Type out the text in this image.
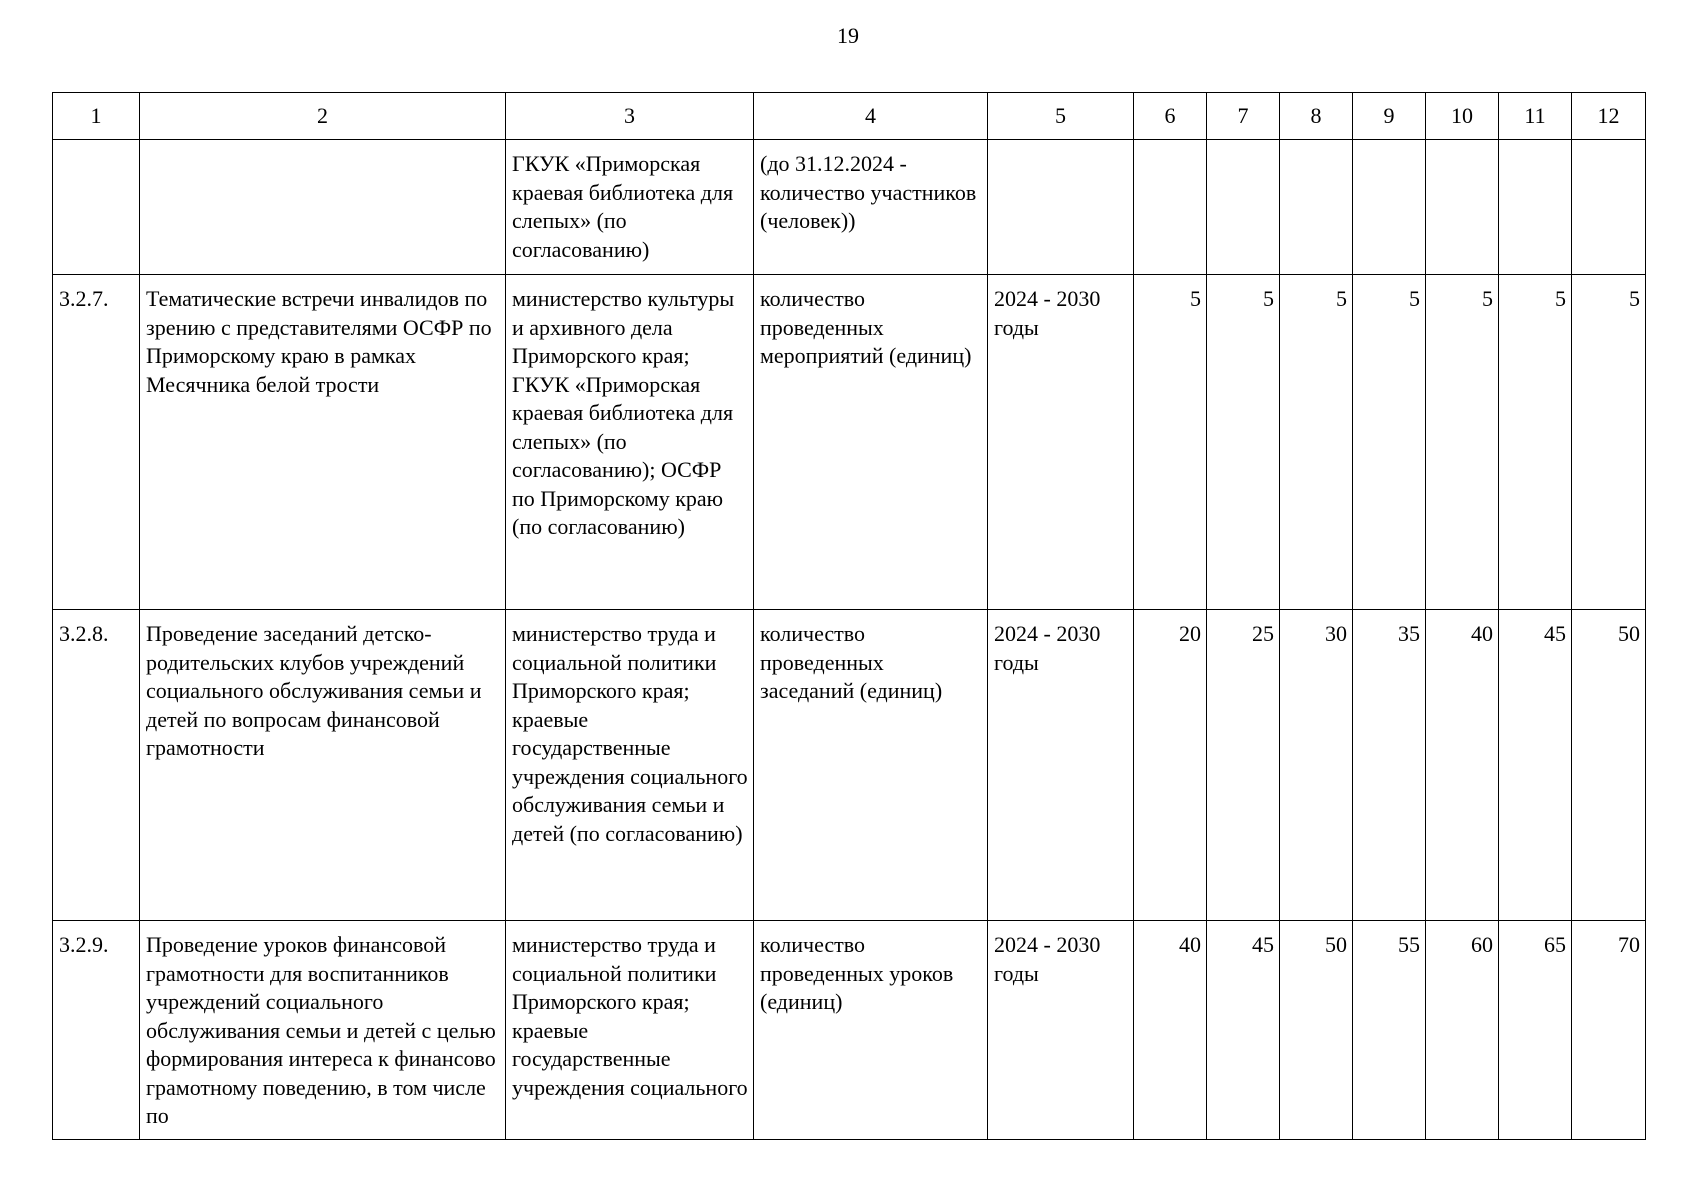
19
1	2	3	4	5	6	7	8	9	10	11	12
		ГКУК «Приморская краевая библиотека для слепых» (по согласованию)	(до 31.12.2024 - количество участников (человек))								
3.2.7.	Тематические встречи инвалидов по зрению с представителями ОСФР по Приморскому краю в рамках Месячника белой трости	министерство культуры и архивного дела Приморского края; ГКУК «Приморская краевая библиотека для слепых» (по согласованию); ОСФР по Приморскому краю (по согласованию)	количество проведенных мероприятий (единиц)	2024 - 2030 годы	5	5	5	5	5	5	5
3.2.8.	Проведение заседаний детско-родительских клубов учреждений социального обслуживания семьи и детей по вопросам финансовой грамотности	министерство труда и социальной политики Приморского края; краевые государственные учреждения социального обслуживания семьи и детей (по согласованию)	количество проведенных заседаний (единиц)	2024 - 2030 годы	20	25	30	35	40	45	50
3.2.9.	Проведение уроков финансовой грамотности для воспитанников учреждений социального обслуживания семьи и детей с целью формирования интереса к финансово грамотному поведению, в том числе по	министерство труда и социальной политики Приморского края; краевые государственные учреждения социального	количество проведенных уроков (единиц)	2024 - 2030 годы	40	45	50	55	60	65	70
